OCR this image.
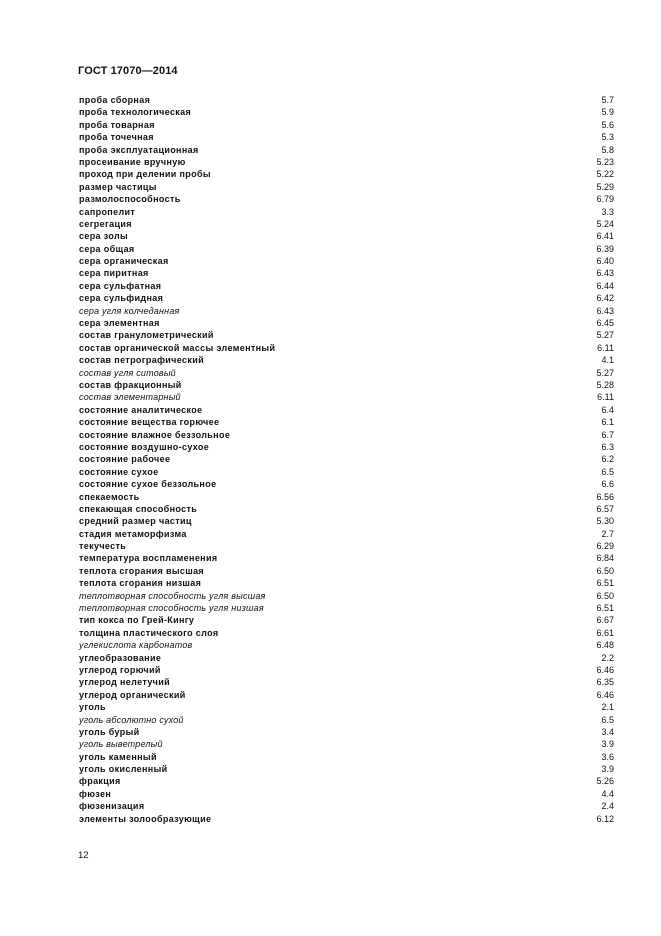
ГОСТ 17070—2014
проба сборная	5.7
проба технологическая	5.9
проба товарная	5.6
проба точечная	5.3
проба эксплуатационная	5.8
просеивание вручную	5.23
проход при делении пробы	5.22
размер частицы	5.29
размолоспособность	6.79
сапропелит	3.3
сегрегация	5.24
сера золы	6.41
сера общая	6.39
сера органическая	6.40
сера пиритная	6.43
сера сульфатная	6.44
сера сульфидная	6.42
сера угля колчеданная	6.43
сера элементная	6.45
состав гранулометрический	5.27
состав органической массы элементный	6.11
состав петрографический	4.1
состав угля ситовый	5.27
состав фракционный	5.28
состав элементарный	6.11
состояние аналитическое	6.4
состояние вещества горючее	6.1
состояние влажное беззольное	6.7
состояние воздушно-сухое	6.3
состояние рабочее	6.2
состояние сухое	6.5
состояние сухое беззольное	6.6
спекаемость	6.56
спекающая способность	6.57
средний размер частиц	5.30
стадия метаморфизма	2.7
текучесть	6.29
температура воспламенения	6.84
теплота сгорания высшая	6.50
теплота сгорания низшая	6.51
теплотворная способность угля высшая	6.50
теплотворная способность угля низшая	6.51
тип кокса по Грей-Кингу	6.67
толщина пластического слоя	6.61
углекислота карбонатов	6.48
углеобразование	2.2
углерод горючий	6.46
углерод нелетучий	6.35
углерод органический	6.46
уголь	2.1
уголь абсолютно сухой	6.5
уголь бурый	3.4
уголь выветрелый	3.9
уголь каменный	3.6
уголь окисленный	3.9
фракция	5.26
фюзен	4.4
фюзенизация	2.4
элементы золообразующие	6.12
12
